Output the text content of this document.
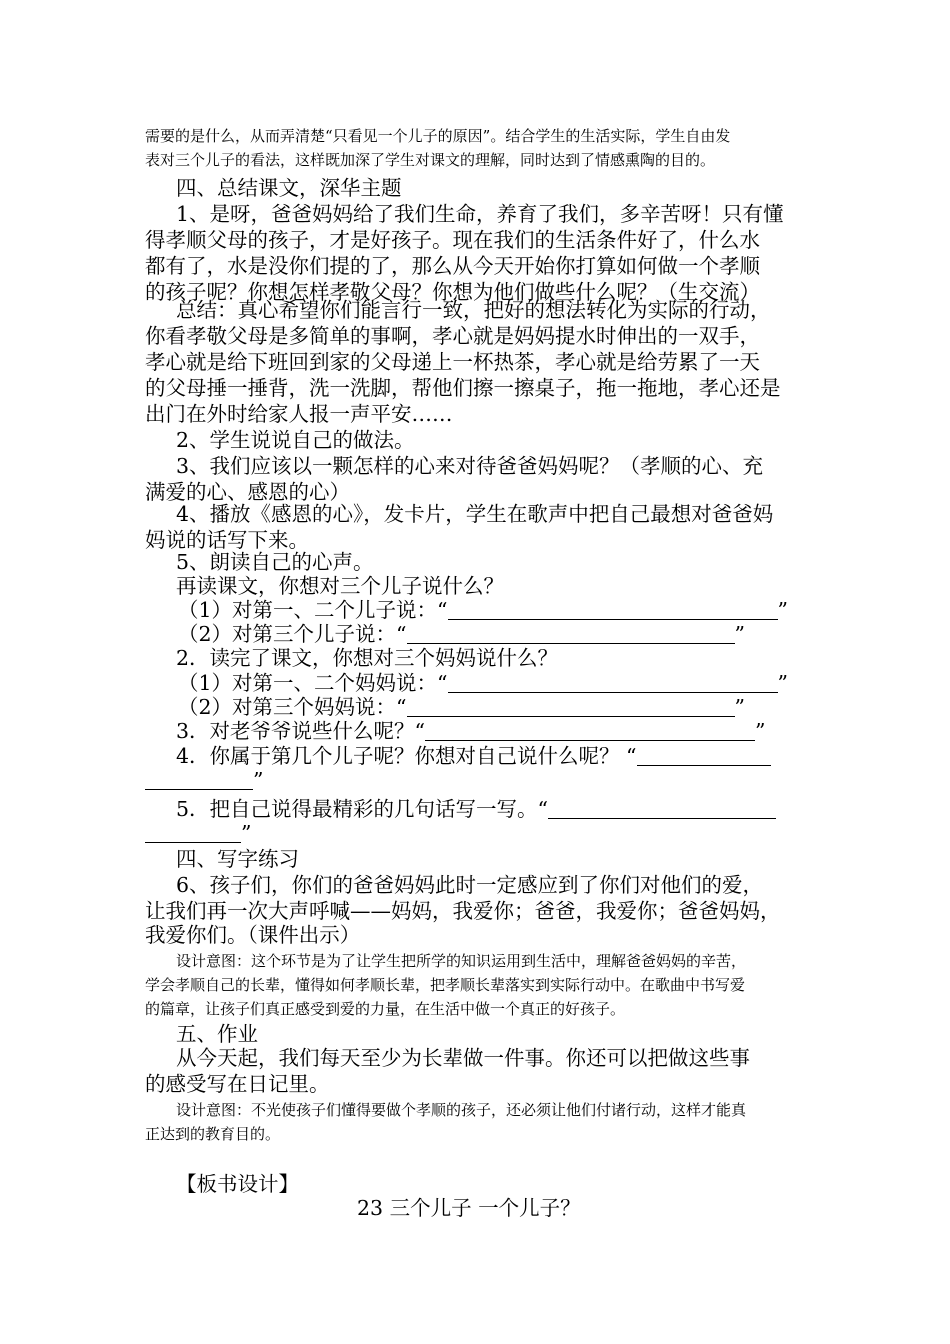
需要的是什么，从而弄清楚“只看见一个儿子的原因”。结合学生的生活实际，学生自由发
表对三个儿子的看法，这样既加深了学生对课文的理解，同时达到了情感熏陶的目的。
四、总结课文，深华主题
1、是呀，爸爸妈妈给了我们生命，养育了我们，多辛苦呀！只有懂
得孝顺父母的孩子，才是好孩子。现在我们的生活条件好了，什么水
都有了，水是没你们提的了，那么从今天开始你打算如何做一个孝顺
的孩子呢？你想怎样孝敬父母？你想为他们做些什么呢？（生交流）
总结：真心希望你们能言行一致，把好的想法转化为实际的行动，
你看孝敬父母是多简单的事啊，孝心就是妈妈提水时伸出的一双手，
孝心就是给下班回到家的父母递上一杯热茶，孝心就是给劳累了一天
的父母捶一捶背，洗一洗脚，帮他们擦一擦桌子，拖一拖地，孝心还是
出门在外时给家人报一声平安……
2、学生说说自己的做法。
3、我们应该以一颗怎样的心来对待爸爸妈妈呢？（孝顺的心、充
满爱的心、感恩的心）
4、播放《感恩的心》，发卡片，学生在歌声中把自己最想对爸爸妈
妈说的话写下来。
5、朗读自己的心声。
再读课文，你想对三个儿子说什么？
（1）对第一、二个儿子说：“	”
（2）对第三个儿子说：“	”
2．读完了课文，你想对三个妈妈说什么？
（1）对第一、二个妈妈说：“	”
（2）对第三个妈妈说：“	”
3．对老爷爷说些什么呢？“	”
4．你属于第几个儿子呢？你想对自己说什么呢？ “
”
5．把自己说得最精彩的几句话写一写。“
”
四、写字练习
6、孩子们，你们的爸爸妈妈此时一定感应到了你们对他们的爱，
让我们再一次大声呼喊——妈妈，我爱你；爸爸，我爱你；爸爸妈妈，
我爱你们。（课件出示）
设计意图：这个环节是为了让学生把所学的知识运用到生活中，理解爸爸妈妈的辛苦，
学会孝顺自己的长辈，懂得如何孝顺长辈，把孝顺长辈落实到实际行动中。在歌曲中书写爱
的篇章，让孩子们真正感受到爱的力量，在生活中做一个真正的好孩子。
五、作业
从今天起，我们每天至少为长辈做一件事。你还可以把做这些事
的感受写在日记里。
设计意图：不光使孩子们懂得要做个孝顺的孩子，还必须让他们付诸行动，这样才能真
正达到的教育目的。
【板书设计】
23 三个儿子 一个儿子？
